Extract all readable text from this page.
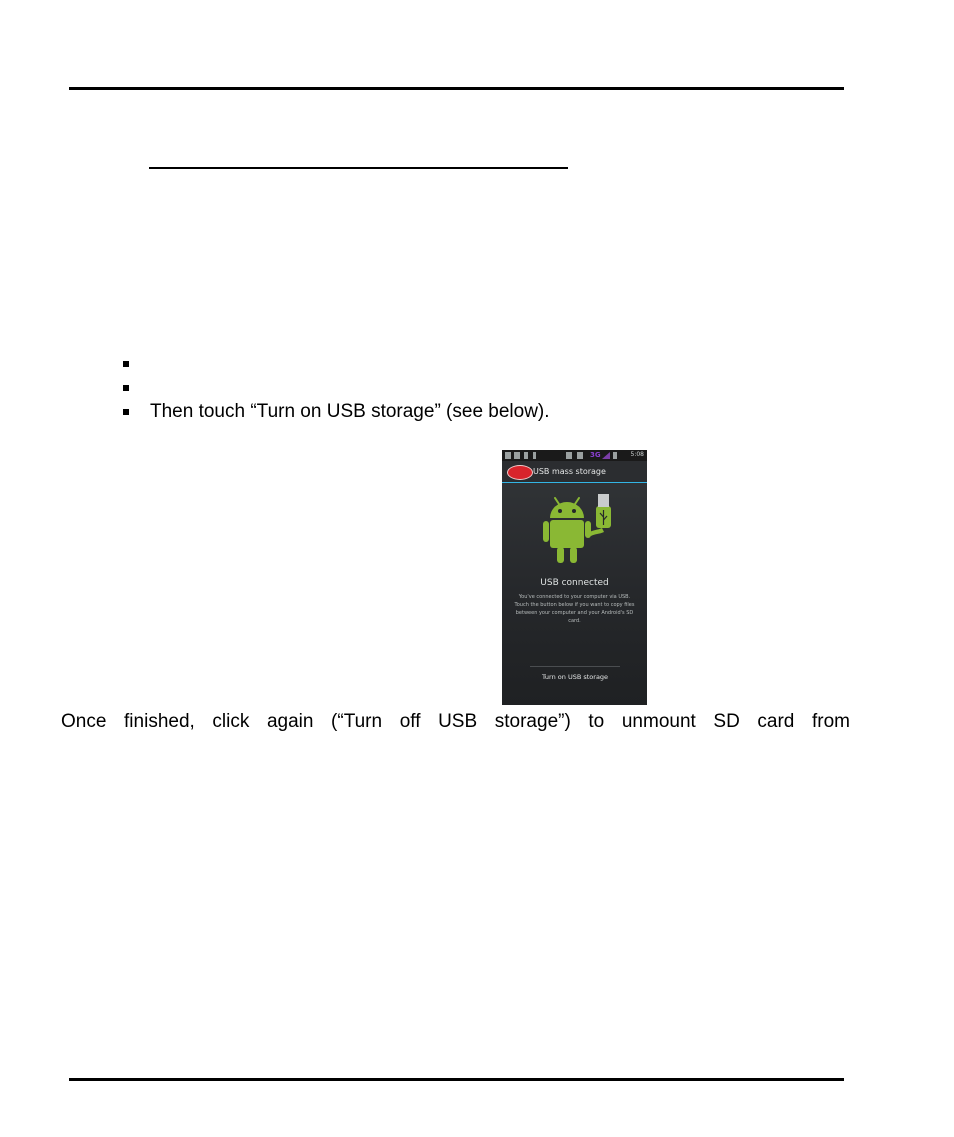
Then touch “Turn on USB storage” (see below).
3G	5:08
USB mass storage
USB connected
You've connected to your computer via USB. Touch the button below if you want to copy files between your computer and your Android's SD card.
Turn on USB storage

Once finished, click again (“Turn off USB storage”) to unmount SD card from
